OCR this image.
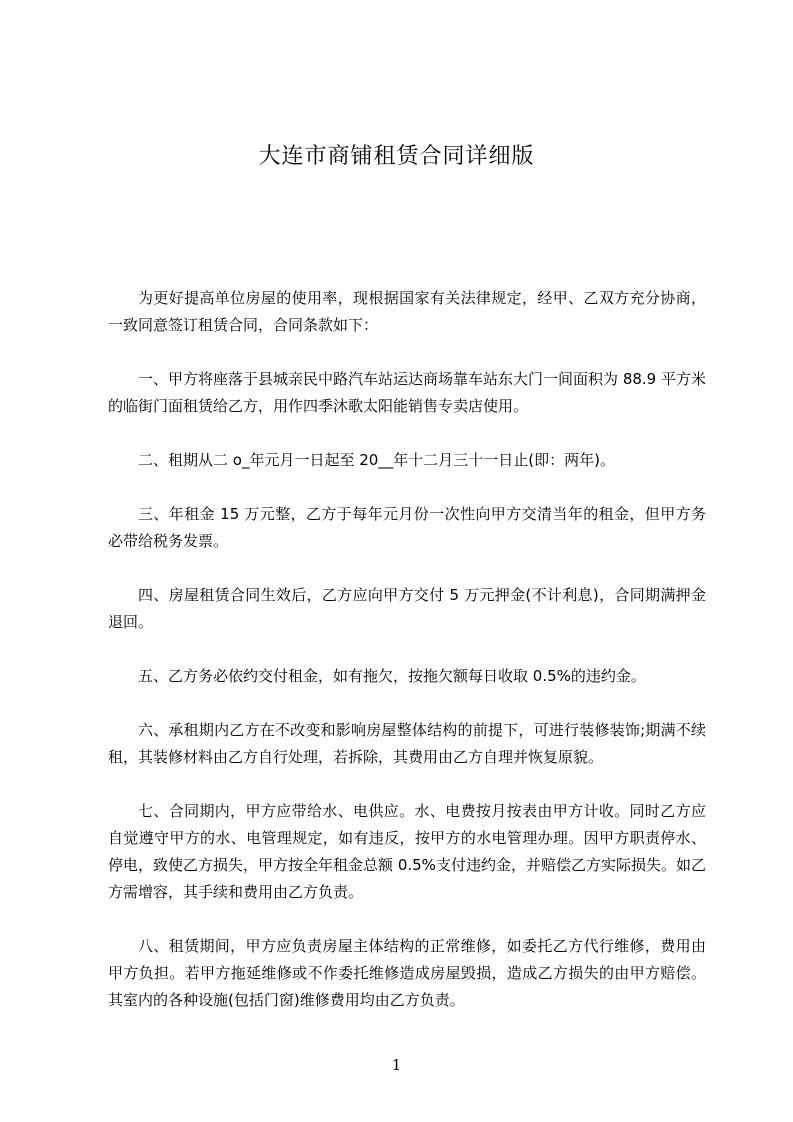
大连市商铺租赁合同详细版

为更好提高单位房屋的使用率，现根据国家有关法律规定，经甲、乙双方充分协商，一致同意签订租赁合同，合同条款如下：

一、甲方将座落于县城亲民中路汽车站运达商场靠车站东大门一间面积为 88.9 平方米的临街门面租赁给乙方，用作四季沐歌太阳能销售专卖店使用。

二、租期从二 o_年元月一日起至 20__年十二月三十一日止(即：两年)。

三、年租金 15 万元整，乙方于每年元月份一次性向甲方交清当年的租金，但甲方务必带给税务发票。

四、房屋租赁合同生效后，乙方应向甲方交付 5 万元押金(不计利息)，合同期满押金退回。

五、乙方务必依约交付租金，如有拖欠，按拖欠额每日收取 0.5%的违约金。

六、承租期内乙方在不改变和影响房屋整体结构的前提下，可进行装修装饰;期满不续租，其装修材料由乙方自行处理，若拆除，其费用由乙方自理并恢复原貌。

七、合同期内，甲方应带给水、电供应。水、电费按月按表由甲方计收。同时乙方应自觉遵守甲方的水、电管理规定，如有违反，按甲方的水电管理办理。因甲方职责停水、停电，致使乙方损失，甲方按全年租金总额 0.5%支付违约金，并赔偿乙方实际损失。如乙方需增容，其手续和费用由乙方负责。

八、租赁期间，甲方应负责房屋主体结构的正常维修，如委托乙方代行维修，费用由甲方负担。若甲方拖延维修或不作委托维修造成房屋毁损，造成乙方损失的由甲方赔偿。其室内的各种设施(包括门窗)维修费用均由乙方负责。

1
